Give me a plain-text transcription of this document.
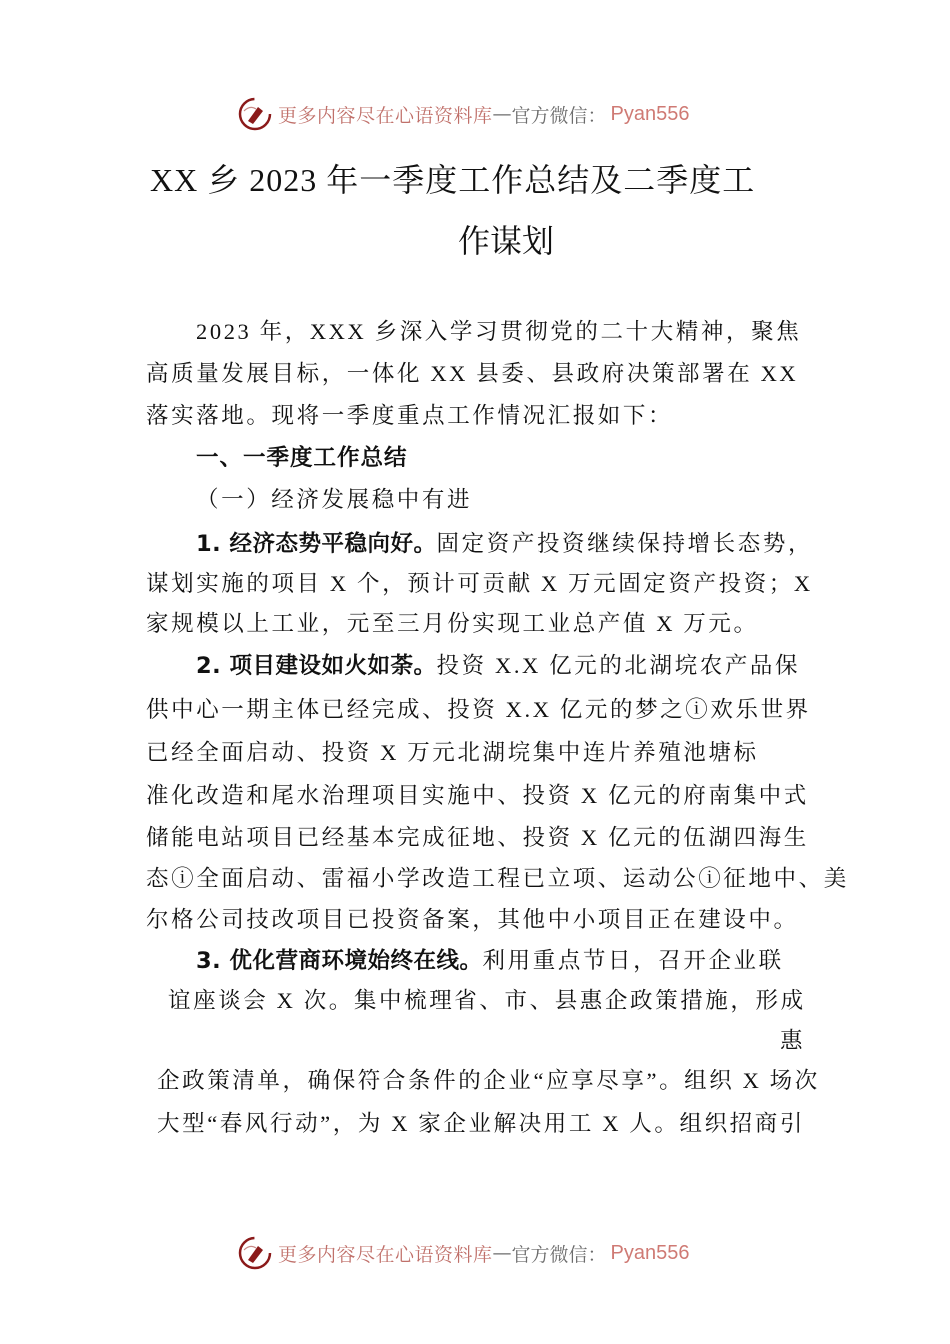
更多内容尽在心语资料库 — 官方微信： Pyan556
XX 乡 2023 年一季度工作总结及二季度工
作谋划
2023 年，XXX 乡深入学习贯彻党的二十大精神，聚焦
高质量发展目标，一体化 XX 县委、县政府决策部署在 XX
落实落地。现将一季度重点工作情况汇报如下：
一、一季度工作总结
（一）经济发展稳中有进
1. 经济态势平稳向好。固定资产投资继续保持增长态势，
谋划实施的项目 X 个，预计可贡献 X 万元固定资产投资；X
家规模以上工业，元至三月份实现工业总产值 X 万元。
2. 项目建设如火如荼。投资 X.X 亿元的北湖垸农产品保
供中心一期主体已经完成、投资 X.X 亿元的梦之ⓘ欢乐世界
已经全面启动、投资 X 万元北湖垸集中连片养殖池塘标
准化改造和尾水治理项目实施中、投资 X 亿元的府南集中式
储能电站项目已经基本完成征地、投资 X 亿元的伍湖四海生
态ⓘ全面启动、雷福小学改造工程已立项、运动公ⓘ征地中、美
尔格公司技改项目已投资备案，其他中小项目正在建设中。
3. 优化营商环境始终在线。利用重点节日，召开企业联
谊座谈会 X 次。集中梳理省、市、县惠企政策措施，形成
惠
企政策清单，确保符合条件的企业“应享尽享”。组织 X 场次
大型“春风行动”，为 X 家企业解决用工 X 人。组织招商引
更多内容尽在心语资料库 — 官方微信： Pyan556
